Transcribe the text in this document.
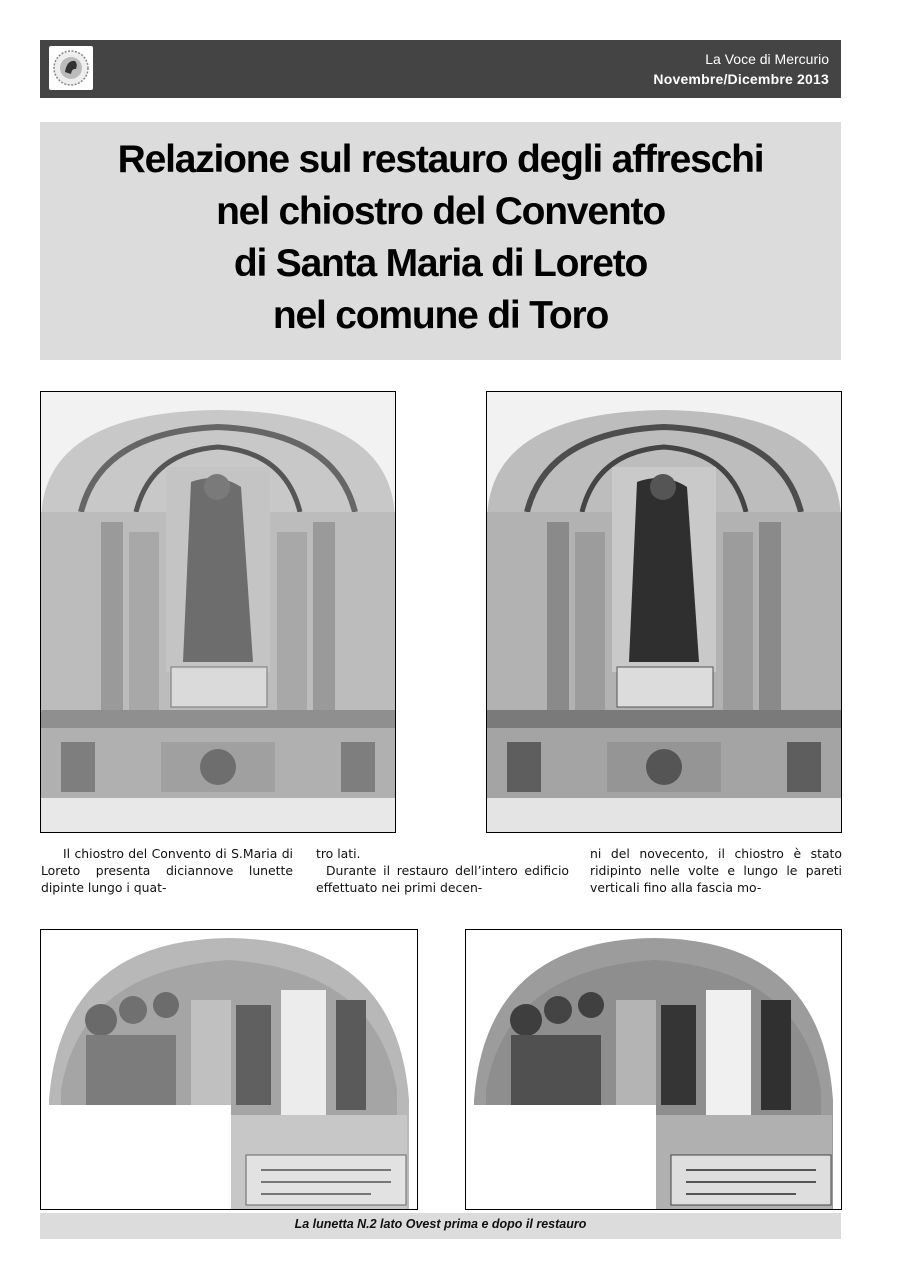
La Voce di Mercurio
Novembre/Dicembre 2013
Relazione sul restauro degli affreschi
nel chiostro del Convento
di Santa Maria di Loreto
nel comune di Toro

Il chiostro del Convento di S.Maria di Loreto presenta diciannove lunette dipinte lungo i quat-

tro lati.

Durante il restauro dell’intero edificio effettuato nei primi decen-

ni del novecento, il chiostro è stato ridipinto nelle volte e lungo le pareti verticali fino alla fascia mo-

La lunetta N.2 lato Ovest prima e dopo il restauro
